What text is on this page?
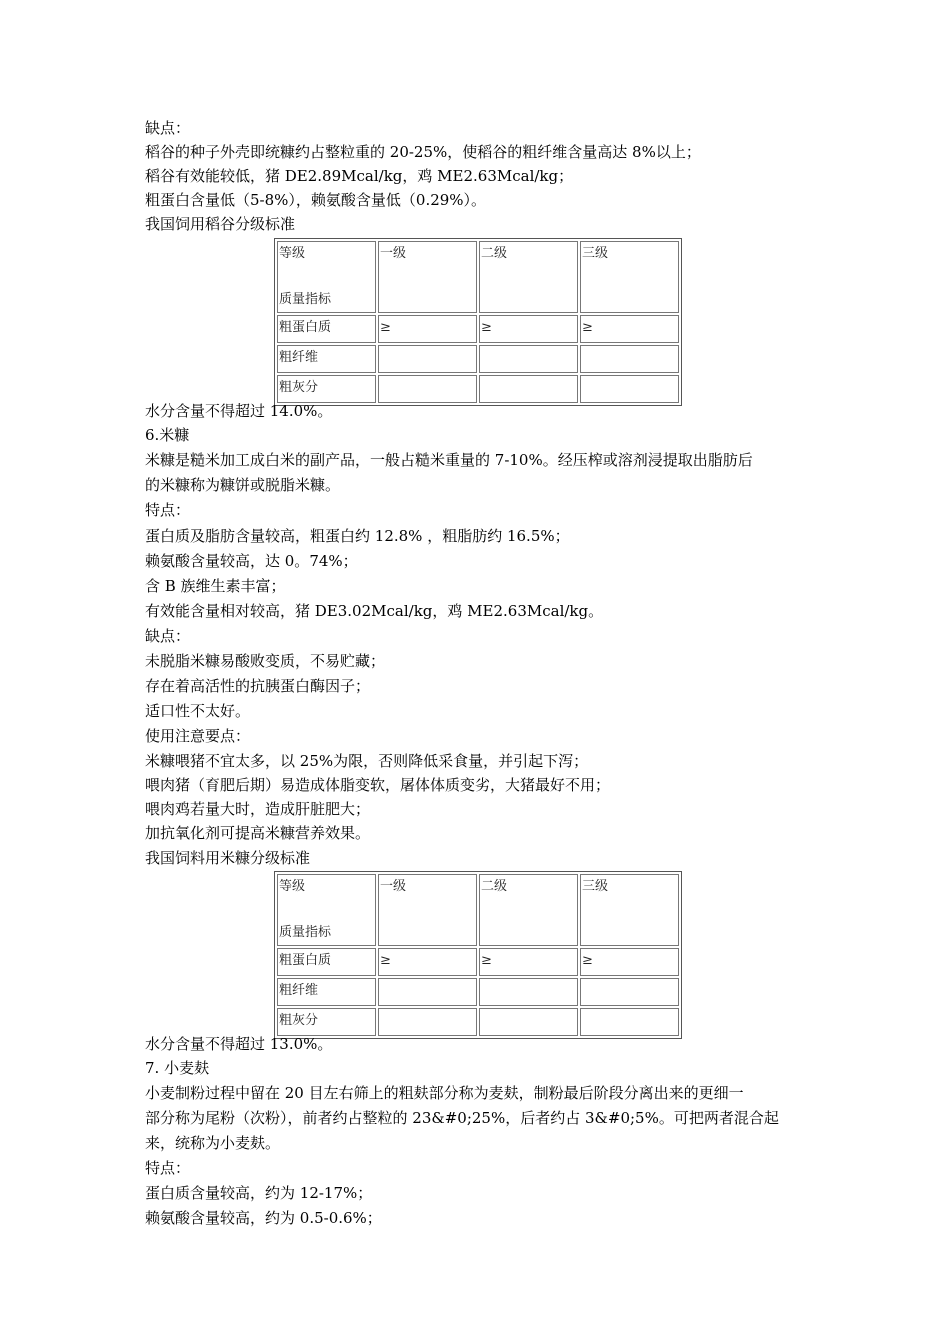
缺点：
稻谷的种子外壳即统糠约占整粒重的 20-25%，使稻谷的粗纤维含量高达 8%以上；
稻谷有效能较低，猪 DE2.89Mcal/kg，鸡 ME2.63Mcal/kg；
粗蛋白含量低（5-8%），赖氨酸含量低（0.29%）。
我国饲用稻谷分级标准
等级
质量指标	一级	二级	三级
粗蛋白质	≥	≥	≥
粗纤维			
粗灰分			
水分含量不得超过 14.0%。
6.米糠
米糠是糙米加工成白米的副产品，一般占糙米重量的 7-10%。经压榨或溶剂浸提取出脂肪后
的米糠称为糠饼或脱脂米糠。
特点：
蛋白质及脂肪含量较高，粗蛋白约 12.8% ，粗脂肪约 16.5%；
赖氨酸含量较高，达 0。74%；
含 B 族维生素丰富；
有效能含量相对较高，猪 DE3.02Mcal/kg，鸡 ME2.63Mcal/kg。
缺点：
未脱脂米糠易酸败变质，不易贮藏；
存在着高活性的抗胰蛋白酶因子；
适口性不太好。
使用注意要点：
米糠喂猪不宜太多，以 25%为限，否则降低采食量，并引起下泻；
喂肉猪（育肥后期）易造成体脂变软，屠体体质变劣，大猪最好不用；
喂肉鸡若量大时，造成肝脏肥大；
加抗氧化剂可提高米糠营养效果。
我国饲料用米糠分级标准
等级
质量指标	一级	二级	三级
粗蛋白质	≥	≥	≥
粗纤维			
粗灰分			
水分含量不得超过 13.0%。
7. 小麦麸
小麦制粉过程中留在 20 目左右筛上的粗麸部分称为麦麸，制粉最后阶段分离出来的更细一
部分称为尾粉（次粉），前者约占整粒的 23&#0;25%，后者约占 3&#0;5%。可把两者混合起
来，统称为小麦麸。
特点：
蛋白质含量较高，约为 12-17%；
赖氨酸含量较高，约为 0.5-0.6%；
